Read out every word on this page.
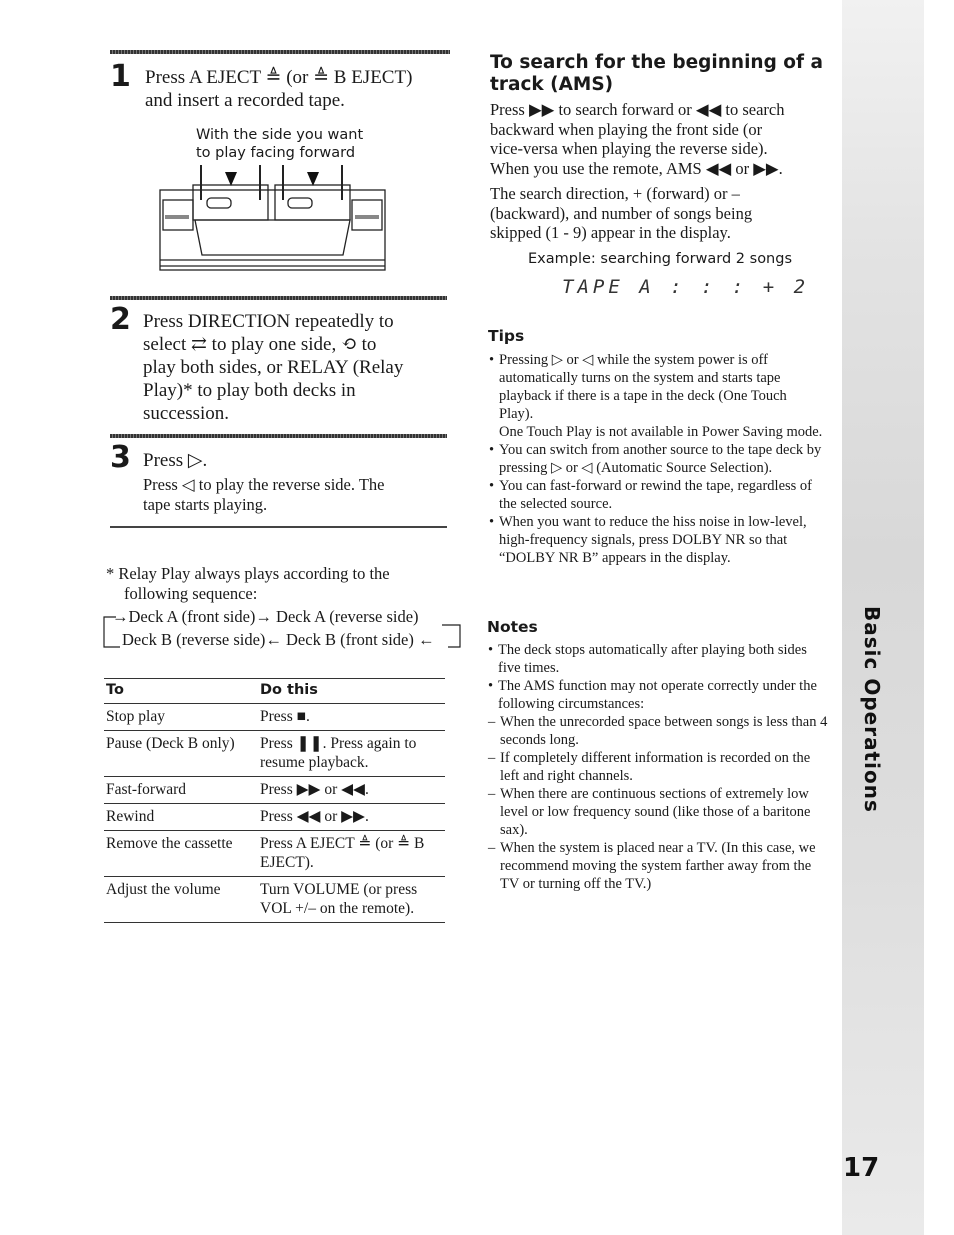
17
1 Press A EJECT ≜ (or ≜ B EJECT)
and insert a recorded tape.
With the side you want
to play facing forward
2 Press DIRECTION repeatedly to
select ⇄ to play one side, ⟲ to
play both sides, or RELAY (Relay
Play)* to play both decks in
succession.
3 Press ▷.
Press ◁ to play the reverse side. The
tape starts playing.
* Relay Play always plays according to the
following sequence:
→Deck A (front side)→ Deck A (reverse side)
Deck B (reverse side)← Deck B (front side) ←
To	Do this
Stop play	Press ■.
Pause (Deck B only)	Press ❚❚. Press again to resume playback.
Fast-forward	Press ▶▶ or ◀◀.
Rewind	Press ◀◀ or ▶▶.
Remove the cassette	Press A EJECT ≜ (or ≜ B EJECT).
Adjust the volume	Turn VOLUME (or press VOL +/– on the remote).
To search for the beginning of a
track (AMS)
Press ▶▶ to search forward or ◀◀ to search
backward when playing the front side (or
vice-versa when playing the reverse side).
When you use the remote, AMS ◀◀ or ▶▶.
The search direction, + (forward) or –
(backward), and number of songs being
skipped (1 - 9) appear in the display.
Example: searching forward 2 songs
TAPE A : : : + 2
Tips

• Pressing ▷ or ◁ while the system power is off automatically turns on the system and starts tape playback if there is a tape in the deck (One Touch Play).

One Touch Play is not available in Power Saving mode.

• You can switch from another source to the tape deck by pressing ▷ or ◁ (Automatic Source Selection).

• You can fast-forward or rewind the tape, regardless of the selected source.

• When you want to reduce the hiss noise in low-level, high-frequency signals, press DOLBY NR so that “DOLBY NR B” appears in the display.

Notes

• The deck stops automatically after playing both sides five times.

• The AMS function may not operate correctly under the following circumstances:

– When the unrecorded space between songs is less than 4 seconds long.

– If completely different information is recorded on the left and right channels.

– When there are continuous sections of extremely low level or low frequency sound (like those of a baritone sax).

– When the system is placed near a TV. (In this case, we recommend moving the system farther away from the TV or turning off the TV.)
